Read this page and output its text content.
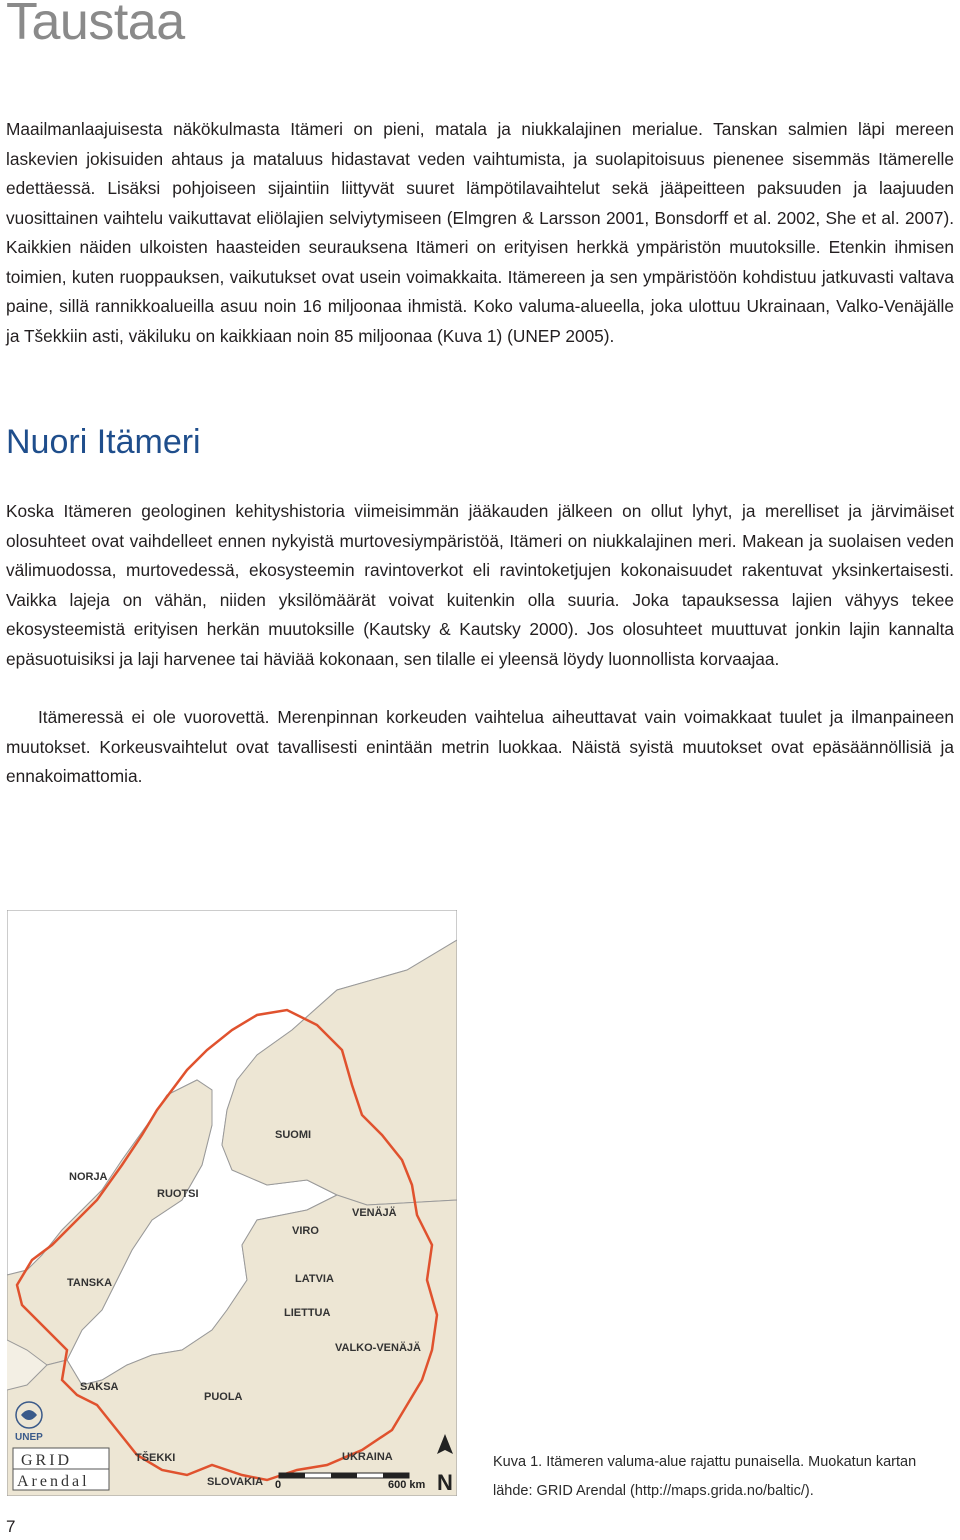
Taustaa

Maailmanlaajuisesta näkökulmasta Itämeri on pieni, matala ja niukkalajinen merialue. Tanskan salmien läpi mereen laskevien jokisuiden ahtaus ja mataluus hidastavat veden vaihtumista, ja suolapitoisuus pienenee sisemmäs Itämerelle edettäessä. Lisäksi pohjoiseen sijaintiin liittyvät suuret lämpötilavaihtelut sekä jääpeitteen paksuuden ja laajuuden vuosittainen vaihtelu vaikuttavat eliölajien selviytymiseen (Elmgren & Larsson 2001, Bonsdorff et al. 2002, She et al. 2007). Kaikkien näiden ulkoisten haasteiden seurauksena Itämeri on erityisen herkkä ympäristön muutoksille. Etenkin ihmisen toimien, kuten ruoppauksen, vaikutukset ovat usein voimakkaita. Itämereen ja sen ympäristöön kohdistuu jatkuvasti valtava paine, sillä rannikkoalueilla asuu noin 16 miljoonaa ihmistä. Koko valuma-alueella, joka ulottuu Ukrainaan, Valko-Venäjälle ja Tšekkiin asti, väkiluku on kaikkiaan noin 85 miljoonaa (Kuva 1) (UNEP 2005).

Nuori Itämeri

Koska Itämeren geologinen kehityshistoria viimeisimmän jääkauden jälkeen on ollut lyhyt, ja merelliset ja järvimäiset olosuhteet ovat vaihdelleet ennen nykyistä murtovesiympäristöä, Itämeri on niukkalajinen meri. Makean ja suolaisen veden välimuodossa, murtovedessä, ekosysteemin ravintoverkot eli ravintoketjujen kokonaisuudet rakentuvat yksinkertaisesti. Vaikka lajeja on vähän, niiden yksilömäärät voivat kuitenkin olla suuria. Joka tapauksessa lajien vähyys tekee ekosysteemistä erityisen herkän muutoksille (Kautsky & Kautsky 2000). Jos olosuhteet muuttuvat jonkin lajin kannalta epäsuotuisiksi ja laji harvenee tai häviää kokonaan, sen tilalle ei yleensä löydy luonnollista korvaajaa.

Itämeressä ei ole vuorovettä. Merenpinnan korkeuden vaihtelua aiheuttavat vain voimakkaat tuulet ja ilmanpaineen muutokset. Korkeusvaihtelut ovat tavallisesti enintään metrin luokkaa. Näistä syistä muutokset ovat epäsäännöllisiä ja ennakoimattomia.

SUOMI
NORJA
RUOTSI
VENÄJÄ
VIRO
LATVIA
TANSKA
LIETTUA
VALKO-VENÄJÄ
SAKSA
PUOLA
TŠEKKI	UKRAINA
SLOVAKIA
UNEP
GRID
Arendal	0	600 km N

Kuva 1. Itämeren valuma-alue rajattu punaisella. Muokatun kartan lähde: GRID Arendal (http://maps.grida.no/baltic/).

7
